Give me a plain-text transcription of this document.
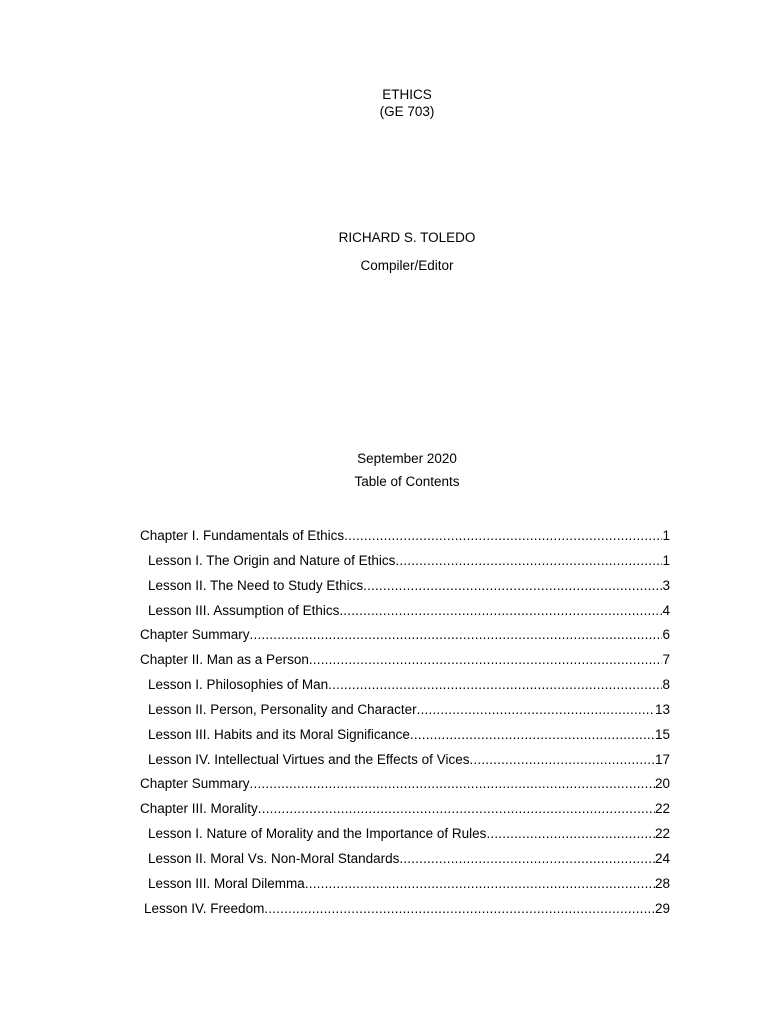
ETHICS
(GE 703)
RICHARD S. TOLEDO
Compiler/Editor
September 2020
Table of Contents
Chapter I. Fundamentals of Ethics .....	1
Lesson I. The Origin and Nature of Ethics .....	1
Lesson II. The Need to Study Ethics .....	3
Lesson III. Assumption of Ethics .....	4
Chapter Summary .....	6
Chapter II. Man as a Person .....	7
Lesson I. Philosophies of Man .....	8
Lesson II. Person, Personality and Character .....	13
Lesson III. Habits and its Moral Significance .....	15
Lesson IV. Intellectual Virtues and the Effects of Vices .....	17
Chapter Summary .....	20
Chapter III. Morality .....	22
Lesson I. Nature of Morality and the Importance of Rules .....	22
Lesson II. Moral Vs. Non-Moral Standards .....	24
Lesson III. Moral Dilemma .....	28
Lesson IV. Freedom .....	29
